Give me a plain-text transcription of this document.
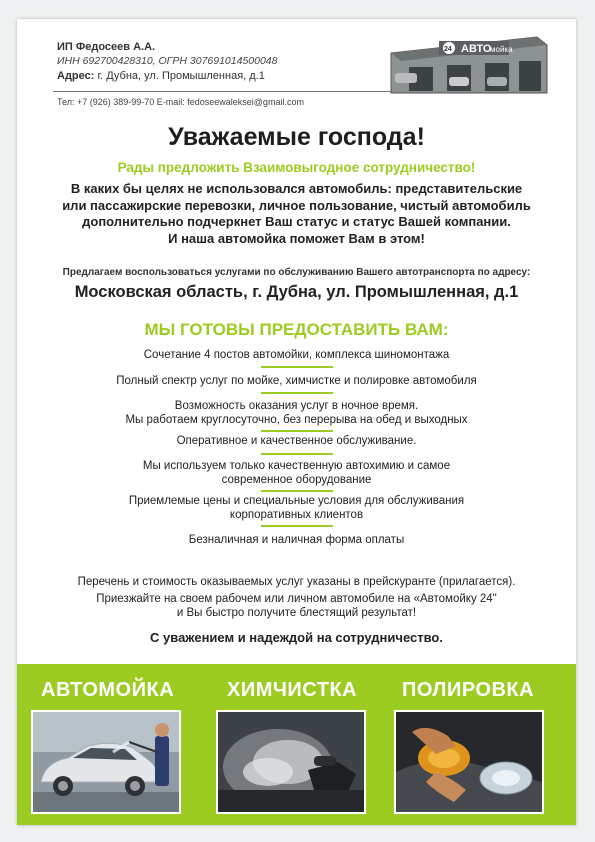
ИП Федосеев А.А.
ИНН 692700428310, ОГРН 307691014500048
Адрес: г. Дубна, ул. Промышленная, д.1
Тел: +7 (926) 389-99-70 E-mail: fedoseewaleksei@gmail.com
АВТО
мойка
24
Уважаемые господа!
Рады предложить Взаимовыгодное сотрудничество!
В каких бы целях не использовался автомобиль: представительские
или пассажирские перевозки, личное пользование, чистый автомобиль
дополнительно подчеркнет Ваш статус и статус Вашей компании.
И наша автомойка поможет Вам в этом!
Предлагаем воспользоваться услугами по обслуживанию Вашего автотранспорта по адресу:
Московская область, г. Дубна, ул. Промышленная, д.1
МЫ ГОТОВЫ ПРЕДОСТАВИТЬ ВАМ:
Сочетание 4 постов автомойки, комплекса шиномонтажа
Полный спектр услуг по мойке, химчистке и полировке автомобиля
Возможность оказания услуг в ночное время.
Мы работаем круглосуточно, без перерыва на обед и выходных
Оперативное и качественное обслуживание.
Мы используем только качественную автохимию и самое
современное оборудование
Приемлемые цены и специальные условия для обслуживания
корпоративных клиентов
Безналичная и наличная форма оплаты
Перечень и стоимость оказываемых услуг указаны в прейскуранте (прилагается).
Приезжайте на своем рабочем или личном автомобиле на «Автомойку 24"
и Вы быстро получите блестящий результат!
С уважением и надеждой на сотрудничество.
АВТОМОЙКА	ХИМЧИСТКА ПОЛИРОВКА
